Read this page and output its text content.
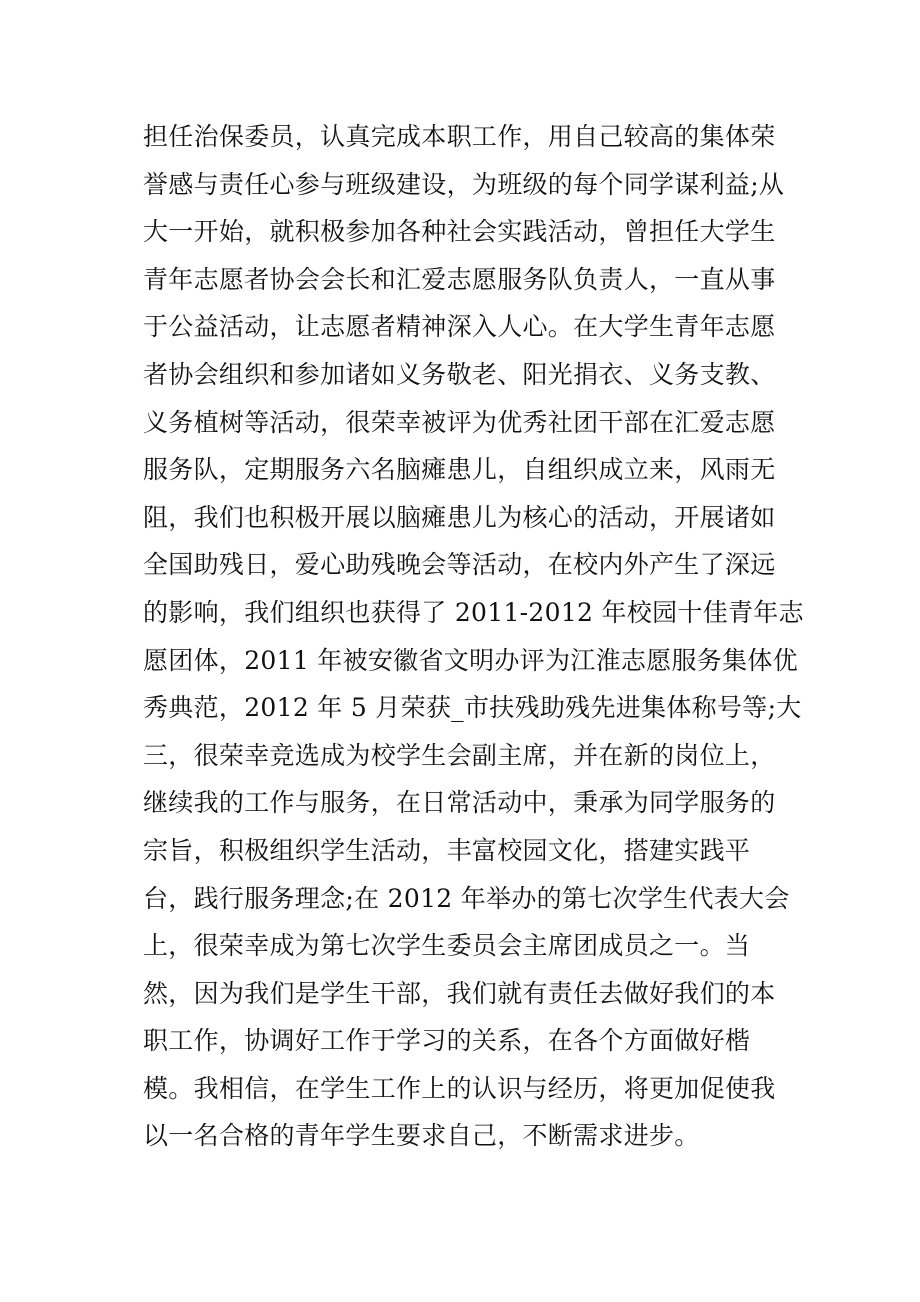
担任治保委员，认真完成本职工作，用自己较高的集体荣
誉感与责任心参与班级建设，为班级的每个同学谋利益;从
大一开始，就积极参加各种社会实践活动，曾担任大学生
青年志愿者协会会长和汇爱志愿服务队负责人，一直从事
于公益活动，让志愿者精神深入人心。在大学生青年志愿
者协会组织和参加诸如义务敬老、阳光捐衣、义务支教、
义务植树等活动，很荣幸被评为优秀社团干部在汇爱志愿
服务队，定期服务六名脑瘫患儿，自组织成立来，风雨无
阻，我们也积极开展以脑瘫患儿为核心的活动，开展诸如
全国助残日，爱心助残晚会等活动，在校内外产生了深远
的影响，我们组织也获得了 2011-2012 年校园十佳青年志
愿团体，2011 年被安徽省文明办评为江淮志愿服务集体优
秀典范，2012 年 5 月荣获_市扶残助残先进集体称号等;大
三，很荣幸竞选成为校学生会副主席，并在新的岗位上，
继续我的工作与服务，在日常活动中，秉承为同学服务的
宗旨，积极组织学生活动，丰富校园文化，搭建实践平
台，践行服务理念;在 2012 年举办的第七次学生代表大会
上，很荣幸成为第七次学生委员会主席团成员之一。当
然，因为我们是学生干部，我们就有责任去做好我们的本
职工作，协调好工作于学习的关系，在各个方面做好楷
模。我相信，在学生工作上的认识与经历，将更加促使我
以一名合格的青年学生要求自己，不断需求进步。
